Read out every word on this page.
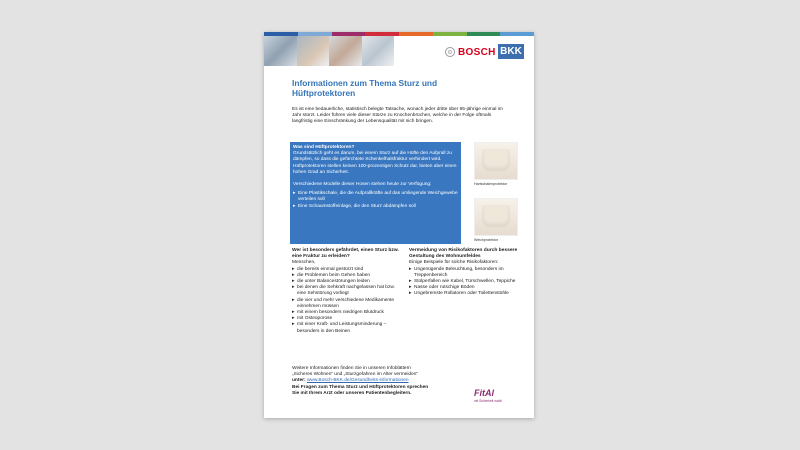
BOSCH BKK
Informationen zum Thema Sturz und Hüftprotektoren

Es ist eine bedauerliche, statistisch belegte Tatsache, wonach jeder dritte über 65-jährige einmal im Jahr stürzt. Leider führen viele dieser Stürze zu Knochenbrüchen, welche in der Folge oftmals langfristig eine Einschränkung der Lebensqualität mit sich bringen.

Was sind Hüftprotektoren?

Grundsätzlich geht es darum, bei einem Sturz auf die Hüfte den Aufprall zu dämpfen, so dass die gefürchtete Schenkelhalsfraktur verhindert wird. Hüftprotektoren stellen keinen 100-prozentigen Schutz dar, bieten aber einen hohen Grad an Sicherheit.

Verschiedene Modelle dieser Hosen stehen heute zur Verfügung:

▸ Eine Plastikschale, die die Aufprallkräfte auf das umliegende Weichgewebe verteilen soll
▸ Eine Schaumstoffeinlage, die den Sturz abdämpfen soll
Hartschalenprotektor
Weichprotektor
Wer ist besonders gefährdet, einen Sturz bzw. eine Fraktur zu erleiden?

Menschen,

▸ die bereits einmal gestürzt sind
▸ die Problemen beim Gehen haben
▸ die unter Balancestörungen leiden
▸ bei denen die Sehkraft nachgelassen hat bzw. eine Sehstörung vorliegt
▸ die vier und mehr verschiedene Medikamente einnehmen müssen
▸ mit einem besonders niedrigen Blutdruck
▸ mit Osteoporose
▸ mit einer Kraft- und Leistungsminderung – besonders in den Beinen
Vermeidung von Risikofaktoren durch bessere Gestaltung des Wohnumfeldes

Einige Beispiele für solche Risikofaktoren:

▸ Ungenügende Beleuchtung, besonders im Treppenbereich
▸ Stolperfallen wie Kabel, Türschwellen, Teppiche
▸ Nasse oder rutschige Böden
▸ Ungebremste Rollatoren oder Toilettenstühle

Weitere Informationen finden Sie in unseren Infoblättern

„Sicheres Wohnen“ und „Sturzgefahren im Alter vermeiden“

unter: www.Bosch-BKK.de/Gesundheits-informationen

Bei Fragen zum Thema Sturz und Hüftprotektoren sprechen

Sie mit Ihrem Arzt oder unseren Patientenbegleitern.	FitAl
mit Sicherheit mobil
